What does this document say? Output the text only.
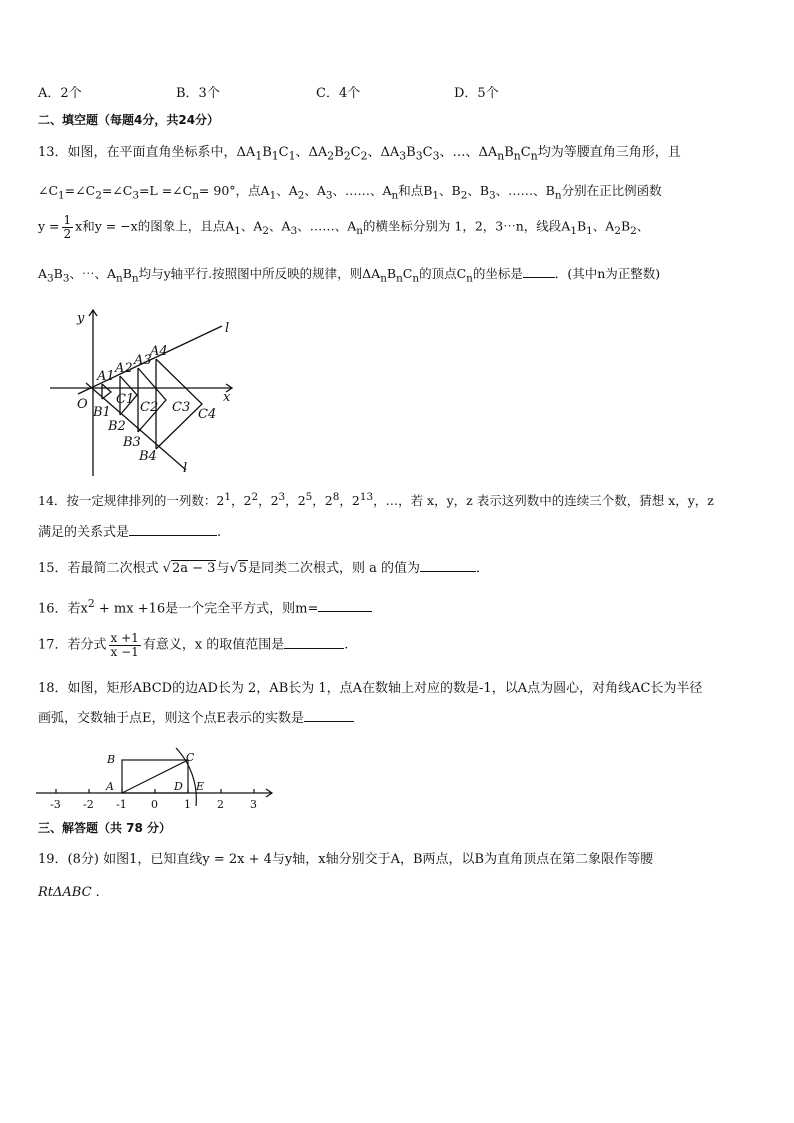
A．2个	B．3个	C．4个	D．5个
二、填空题（每题4分，共24分）
13．如图，在平面直角坐标系中，$\Delta A_1B_1C_1$、$\Delta A_2B_2C_2$、$\Delta A_3B_3C_3$、…、$\Delta A_nB_nC_n$均为等腰直角三角形，且
$\angle C_1=\angle C_2=\angle C_3=L$ $=\angle C_n= 90^\circ$，点$A_1$、$A_2$、$A_3$、……、$A_n$和点$B_1$、$B_2$、$B_3$、……、$B_n$分别在正比例函数
$y = \frac{1}{2}$ x和y = −x的图象上，且点$A_1$、$A_2$、$A_3$、……、$A_n$的横坐标分别为 1，2，3⋯n，线段$A_1B_1$、$A_2B_2$、
$A_3B_3$、⋯、$A_nB_n$均与y轴平行.按照图中所反映的规律，则$\Delta A_nB_nC_n$的顶点$C_n$的坐标是	．(其中n为正整数)
y
x
O
l
l
A1
A2
A3
A4
B1
B2
B3
B4
C1
C2 C3 C4
14．按一定规律排列的一列数：$2^1$，$2^2$，$2^3$，$2^5$，$2^8$，$2^{13}$，…，若 x，y，z 表示这列数中的连续三个数，猜想 x，y，z
满足的关系式是	.
15．若最简二次根式 √2a − 3与√5是同类二次根式，则 a 的值为	．
16．若$x^2$ + mx +16是一个完全平方式，则m=
17．若分式 $\frac{x +1}{x -1}$ 有意义，x 的取值范围是	.
18．如图，矩形ABCD的边AD长为 2，AB长为 1，点A在数轴上对应的数是-1，以A点为圆心，对角线AC长为半径
画弧，交数轴于点E，则这个点E表示的实数是
-3 -2 -1 0 1 2 3
B	C
A	D E
三、解答题（共 78 分）
19．(8分) 如图1，已知直线y = 2x + 4与y轴，x轴分别交于A，B两点，以B为直角顶点在第二象限作等腰
RtΔABC .
